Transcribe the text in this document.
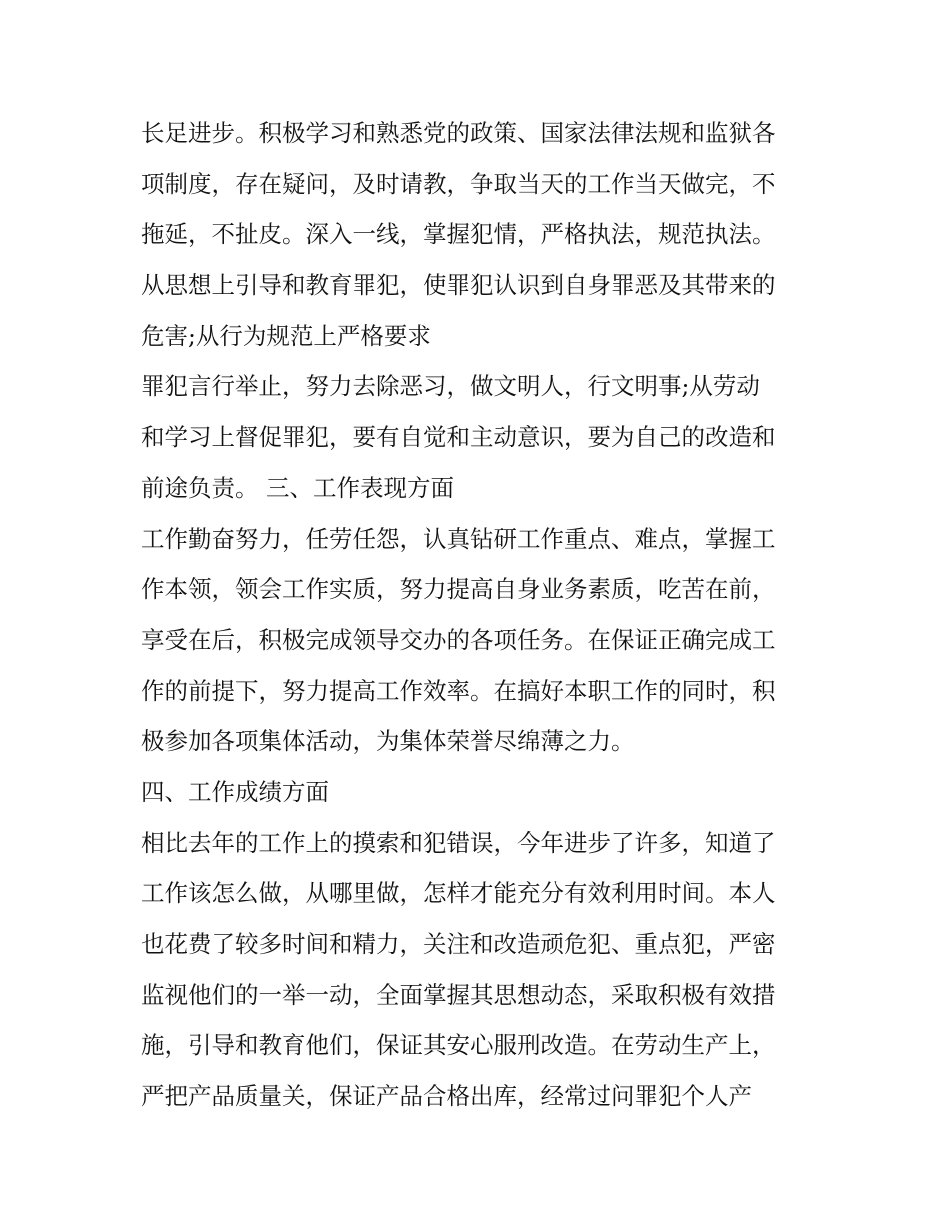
长足进步。积极学习和熟悉党的政策、国家法律法规和监狱各
项制度，存在疑问，及时请教，争取当天的工作当天做完，不
拖延，不扯皮。深入一线，掌握犯情，严格执法，规范执法。
从思想上引导和教育罪犯，使罪犯认识到自身罪恶及其带来的
危害;从行为规范上严格要求
罪犯言行举止，努力去除恶习，做文明人，行文明事;从劳动
和学习上督促罪犯，要有自觉和主动意识，要为自己的改造和
前途负责。 三、工作表现方面
工作勤奋努力，任劳任怨，认真钻研工作重点、难点，掌握工
作本领，领会工作实质，努力提高自身业务素质，吃苦在前，
享受在后，积极完成领导交办的各项任务。在保证正确完成工
作的前提下，努力提高工作效率。在搞好本职工作的同时，积
极参加各项集体活动，为集体荣誉尽绵薄之力。
四、工作成绩方面
相比去年的工作上的摸索和犯错误，今年进步了许多，知道了
工作该怎么做，从哪里做，怎样才能充分有效利用时间。本人
也花费了较多时间和精力，关注和改造顽危犯、重点犯，严密
监视他们的一举一动，全面掌握其思想动态，采取积极有效措
施，引导和教育他们，保证其安心服刑改造。在劳动生产上，
严把产品质量关，保证产品合格出库，经常过问罪犯个人产
